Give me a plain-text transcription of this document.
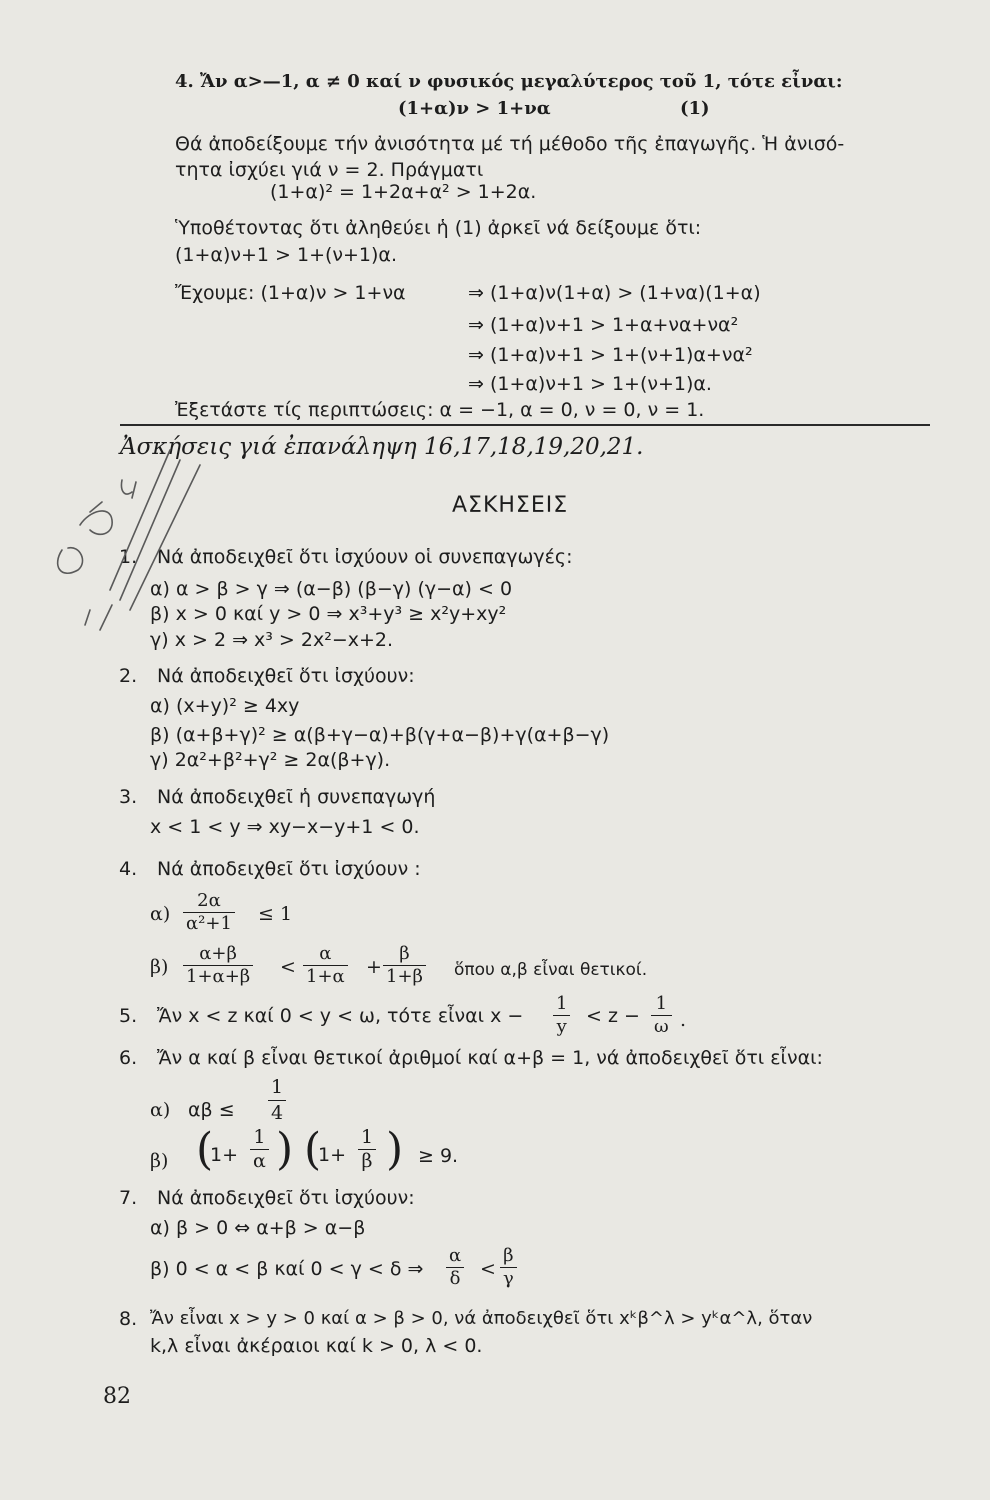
4. Ἄν α>—1, α ≠ 0 καί ν φυσικός μεγαλύτερος τοῦ 1, τότε εἶναι:
(1+α)ν > 1+να	(1)
Θά ἀποδείξουμε τήν ἀνισότητα μέ τή μέθοδο τῆς ἐπαγωγῆς. Ἡ ἀνισό-
τητα ἰσχύει γιά ν = 2. Πράγματι
(1+α)² = 1+2α+α² > 1+2α.
Ὑποθέτοντας ὅτι ἀληθεύει ἡ (1) ἀρκεῖ νά δείξουμε ὅτι:
(1+α)ν+1 > 1+(ν+1)α.
Ἔχουμε: (1+α)ν > 1+να	⇒ (1+α)ν(1+α) > (1+να)(1+α)
⇒ (1+α)ν+1 > 1+α+να+να²
⇒ (1+α)ν+1 > 1+(ν+1)α+να²
⇒ (1+α)ν+1 > 1+(ν+1)α.
Ἐξετάστε τίς περιπτώσεις: α = −1, α = 0, ν = 0, ν = 1.
Ἀσκήσεις γιά ἐπανάληψη 16,17,18,19,20,21.
ΑΣΚΗΣΕΙΣ
1. Νά ἀποδειχθεῖ ὅτι ἰσχύουν οἱ συνεπαγωγές:
α) α > β > γ ⇒ (α−β) (β−γ) (γ−α) < 0
β) x > 0 καί y > 0 ⇒ x³+y³ ≥ x²y+xy²
γ) x > 2 ⇒ x³ > 2x²−x+2.
2. Νά ἀποδειχθεῖ ὅτι ἰσχύουν:
α) (x+y)² ≥ 4xy
β) (α+β+γ)² ≥ α(β+γ−α)+β(γ+α−β)+γ(α+β−γ)
γ) 2α²+β²+γ² ≥ 2α(β+γ).
3. Νά ἀποδειχθεῖ ἡ συνεπαγωγή
x < 1 < y ⇒ xy−x−y+1 < 0.
4. Νά ἀποδειχθεῖ ὅτι ἰσχύουν :
$\alpha) \frac{2\alpha}{\text{α²+1}} \le 1$
$\beta) \frac{\alpha+\beta}{1+\alpha+\beta} < \frac{\alpha}{1+\alpha} + \frac{\beta}{1+\beta}$ ὅπου α,β εἶναι θετικοί.
5. Ἄν x < z καί 0 < y < ω, τότε εἶναι $x - \frac{1}{y} < z - \frac{1}{\omega}$ .
6. Ἄν α καί β εἶναι θετικοί ἀριθμοί καί α+β = 1, νά ἀποδειχθεῖ ὅτι εἶναι:
α) $\alpha\beta \le \frac{1}{4}$
β) (
$1+ \frac{1}{\alpha}$ ) (
$1+ \frac{1}{\beta}$ ) ≥ 9.
7. Νά ἀποδειχθεῖ ὅτι ἰσχύουν:
α) β > 0 ⇔ α+β > α−β
β) 0 < α < β καί 0 < γ < δ ⇒ $\frac{\alpha}{\delta} < \frac{\beta}{\gamma}$
8. Ἄν εἶναι x > y > 0 καί α > β > 0, νά ἀποδειχθεῖ ὅτι xᵏβ^λ > yᵏα^λ, ὅταν
k,λ εἶναι ἀκέραιοι καί k > 0, λ < 0.
82
